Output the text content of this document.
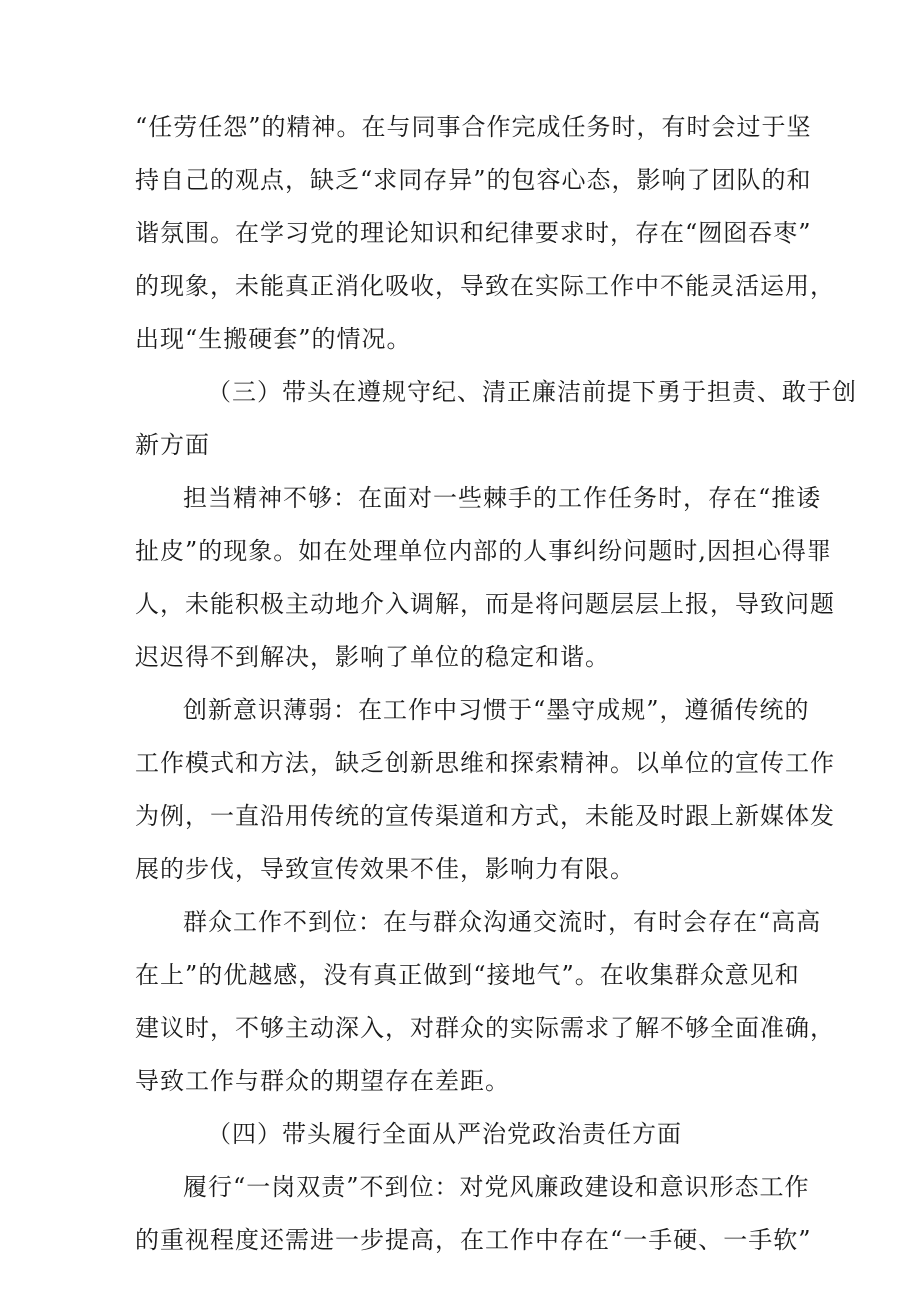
“任劳任怨”的精神。在与同事合作完成任务时，有时会过于坚
持自己的观点，缺乏“求同存异”的包容心态，影响了团队的和
谐氛围。在学习党的理论知识和纪律要求时，存在“囫囵吞枣”
的现象，未能真正消化吸收，导致在实际工作中不能灵活运用，
出现“生搬硬套”的情况。
（三）带头在遵规守纪、清正廉洁前提下勇于担责、敢于创
新方面
担当精神不够：在面对一些棘手的工作任务时，存在“推诿
扯皮”的现象。如在处理单位内部的人事纠纷问题时,因担心得罪
人，未能积极主动地介入调解，而是将问题层层上报，导致问题
迟迟得不到解决，影响了单位的稳定和谐。
创新意识薄弱：在工作中习惯于“墨守成规”，遵循传统的
工作模式和方法，缺乏创新思维和探索精神。以单位的宣传工作
为例，一直沿用传统的宣传渠道和方式，未能及时跟上新媒体发
展的步伐，导致宣传效果不佳，影响力有限。
群众工作不到位：在与群众沟通交流时，有时会存在“高高
在上”的优越感，没有真正做到“接地气”。在收集群众意见和
建议时，不够主动深入，对群众的实际需求了解不够全面准确，
导致工作与群众的期望存在差距。
（四）带头履行全面从严治党政治责任方面
履行“一岗双责”不到位：对党风廉政建设和意识形态工作
的重视程度还需进一步提高，在工作中存在“一手硬、一手软”
